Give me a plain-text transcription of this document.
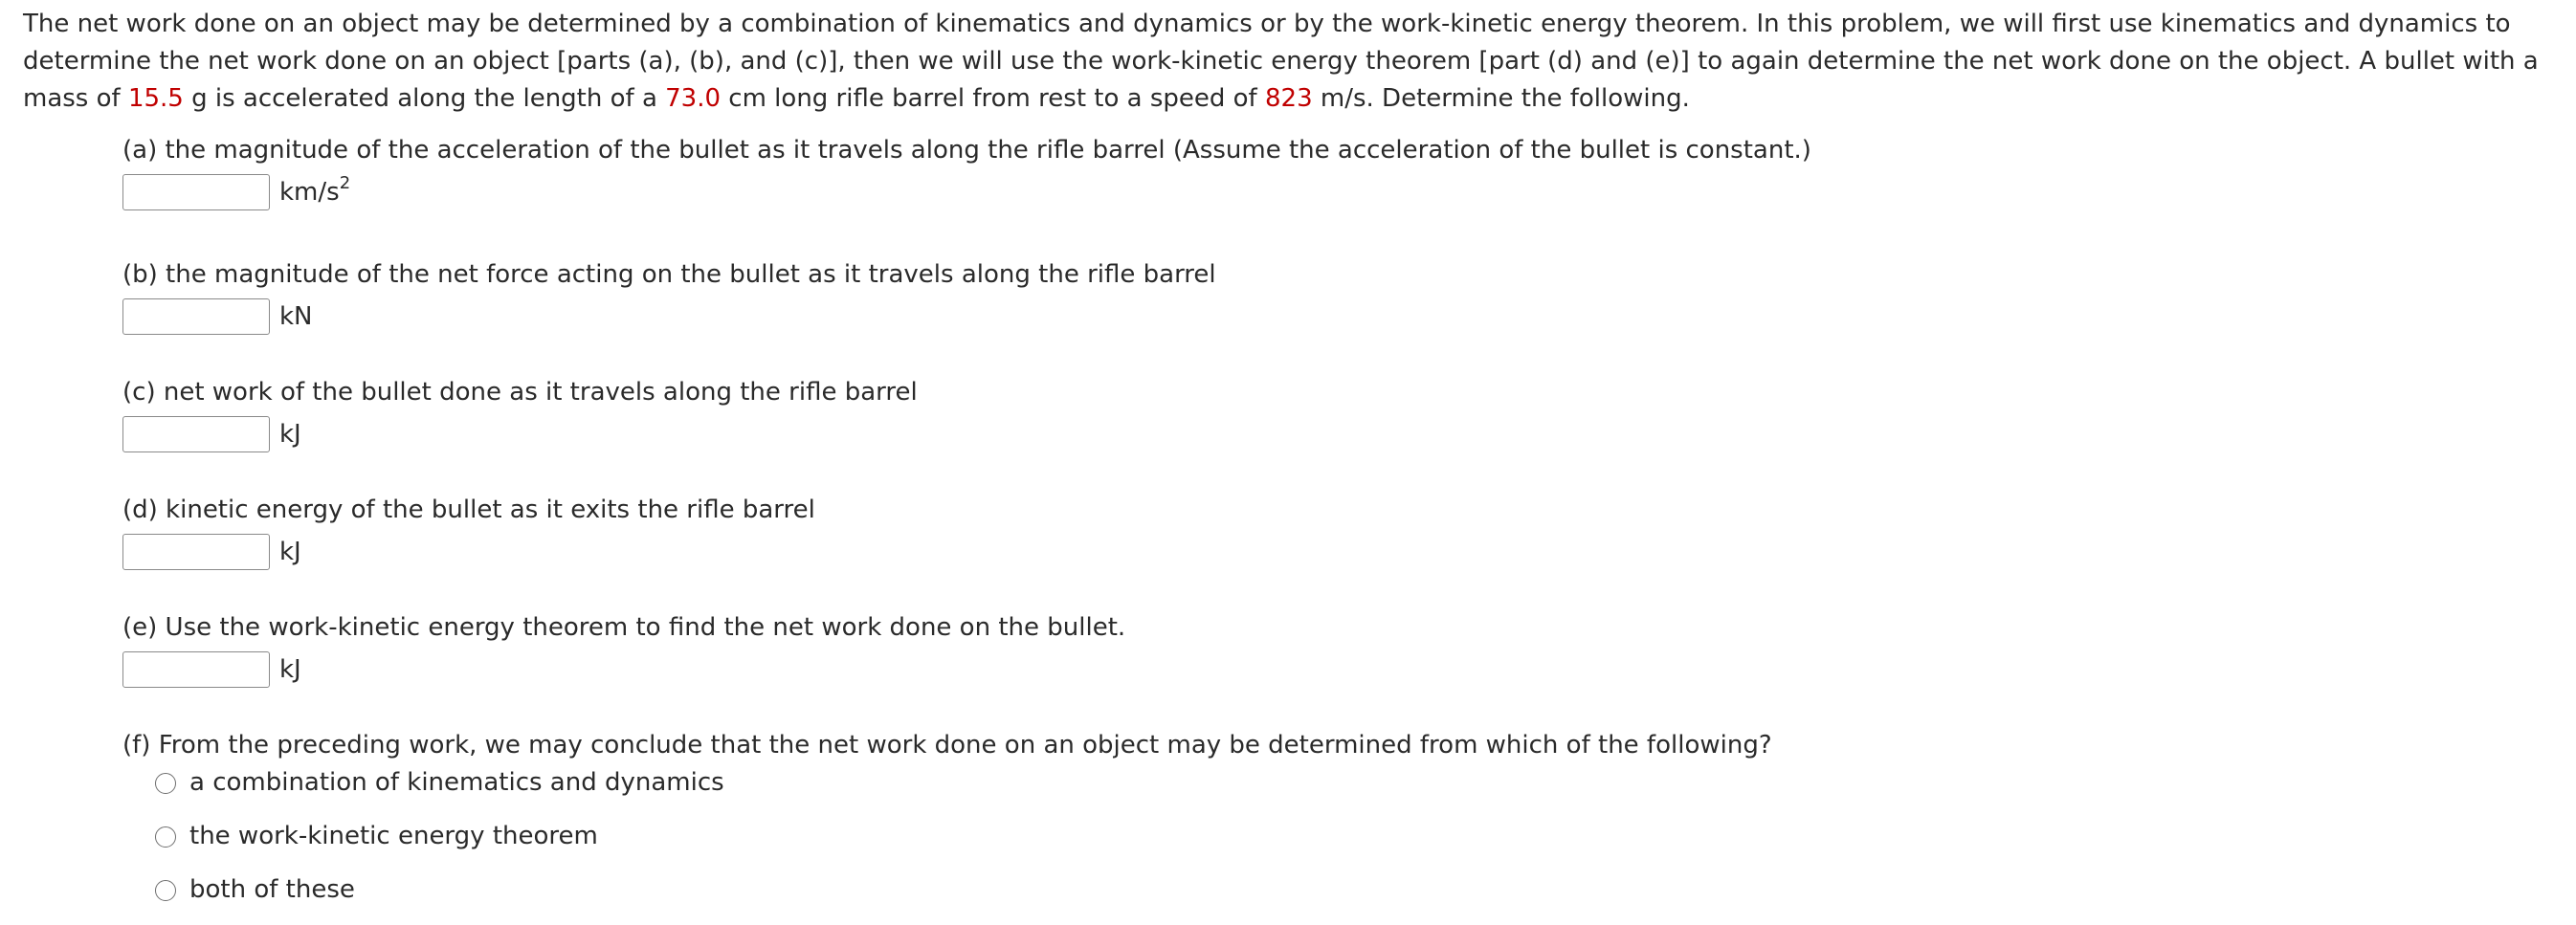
The net work done on an object may be determined by a combination of kinematics and dynamics or by the work-kinetic energy theorem. In this problem, we will first use kinematics and dynamics to determine the net work done on an object [parts (a), (b), and (c)], then we will use the work-kinetic energy theorem [part (d) and (e)] to again determine the net work done on the object. A bullet with a mass of 15.5 g is accelerated along the length of a 73.0 cm long rifle barrel from rest to a speed of 823 m/s. Determine the following.

(a) the magnitude of the acceleration of the bullet as it travels along the rifle barrel (Assume the acceleration of the bullet is constant.)

$km/s^2$

(b) the magnitude of the net force acting on the bullet as it travels along the rifle barrel

kN

(c) net work of the bullet done as it travels along the rifle barrel

kJ

(d) kinetic energy of the bullet as it exits the rifle barrel

kJ

(e) Use the work-kinetic energy theorem to find the net work done on the bullet.

kJ

(f) From the preceding work, we may conclude that the net work done on an object may be determined from which of the following?

a combination of kinematics and dynamics
the work-kinetic energy theorem
both of these
